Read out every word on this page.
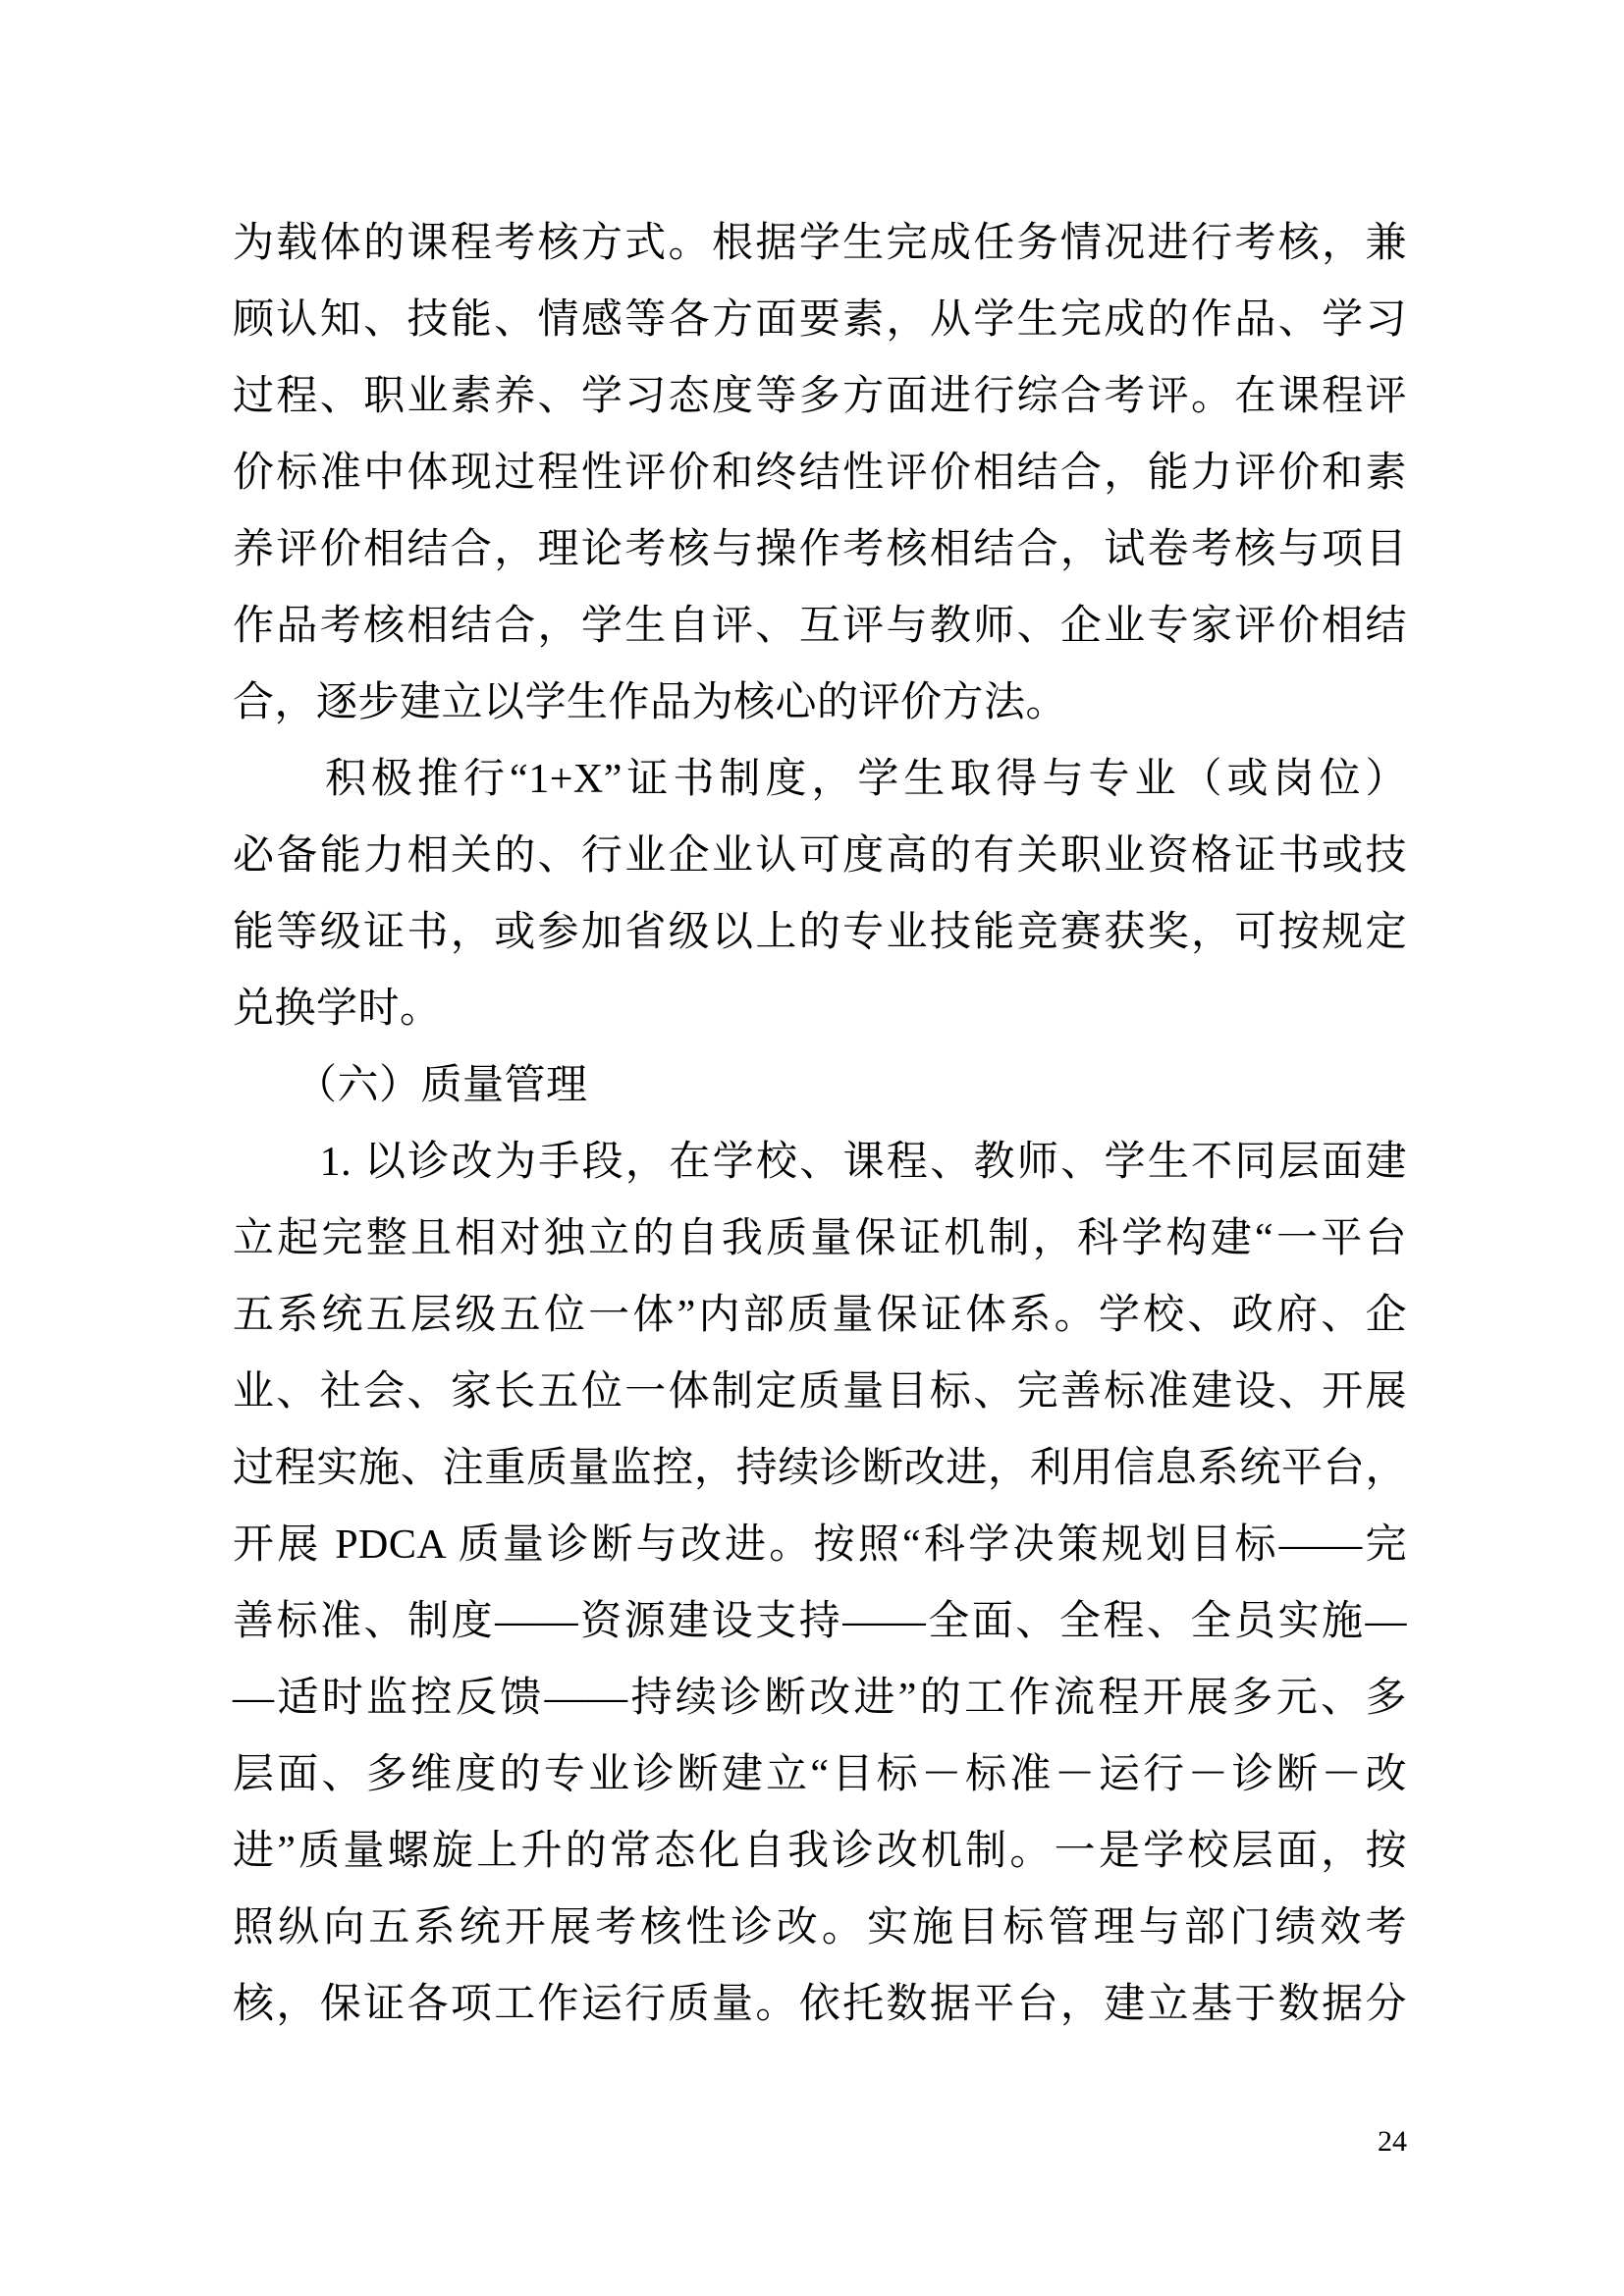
为载体的课程考核方式。根据学生完成任务情况进行考核，兼
顾认知、技能、情感等各方面要素，从学生完成的作品、学习
过程、职业素养、学习态度等多方面进行综合考评。在课程评
价标准中体现过程性评价和终结性评价相结合，能力评价和素
养评价相结合，理论考核与操作考核相结合，试卷考核与项目
作品考核相结合，学生自评、互评与教师、企业专家评价相结
合，逐步建立以学生作品为核心的评价方法。
　　积极推行“1+X”证书制度，学生取得与专业（或岗位）
必备能力相关的、行业企业认可度高的有关职业资格证书或技
能等级证书，或参加省级以上的专业技能竞赛获奖，可按规定
兑换学时。
　　（六）质量管理
　　1. 以诊改为手段，在学校、课程、教师、学生不同层面建
立起完整且相对独立的自我质量保证机制，科学构建“一平台
五系统五层级五位一体”内部质量保证体系。学校、政府、企
业、社会、家长五位一体制定质量目标、完善标准建设、开展
过程实施、注重质量监控，持续诊断改进，利用信息系统平台，
开展 PDCA 质量诊断与改进。按照“科学决策规划目标——完
善标准、制度——资源建设支持——全面、全程、全员实施—
—适时监控反馈——持续诊断改进”的工作流程开展多元、多
层面、多维度的专业诊断建立“目标－标准－运行－诊断－改
进”质量螺旋上升的常态化自我诊改机制。一是学校层面，按
照纵向五系统开展考核性诊改。实施目标管理与部门绩效考
核，保证各项工作运行质量。依托数据平台，建立基于数据分
24
